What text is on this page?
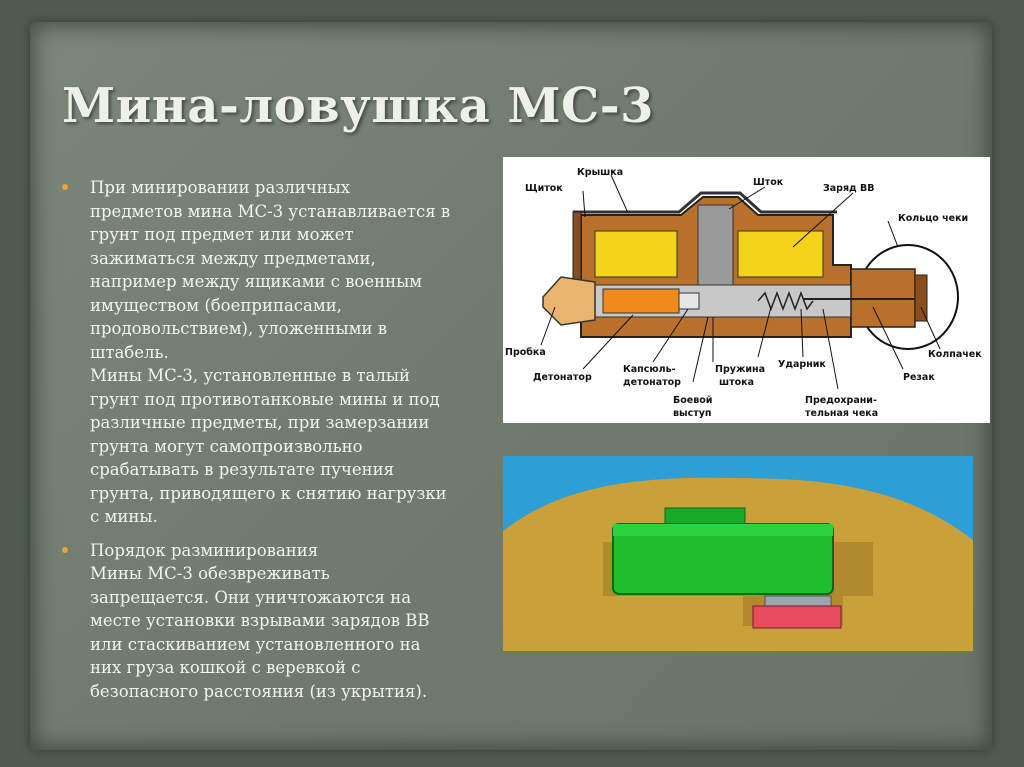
Мина-ловушка МС-3

При минировании различных
предметов мина МС-3 устанавливается в
грунт под предмет или может
зажиматься между предметами,
например между ящиками с военным
имуществом (боеприпасами,
продовольствием), уложенными в
штабель.
Мины МС-3, установленные в талый
грунт под противотанковые мины и под
различные предметы, при замерзании
грунта могут самопроизвольно
срабатывать в результате пучения
грунта, приводящего к снятию нагрузки
с мины.

Порядок разминирования
Мины МС-3 обезвреживать
запрещается. Они уничтожаются на
месте установки взрывами зарядов ВВ
или стаскиванием установленного на
них груза кошкой с веревкой с
безопасного расстояния (из укрытия).

Крышка
Щиток
Шток
Заряд ВВ
Кольцо чеки
Пробка	Колпачек
Детонатор
Капсюль-
детонатор
Пружина
штока
Ударник
Резак
Боевой
выступ
Предохрани-
тельная чека
